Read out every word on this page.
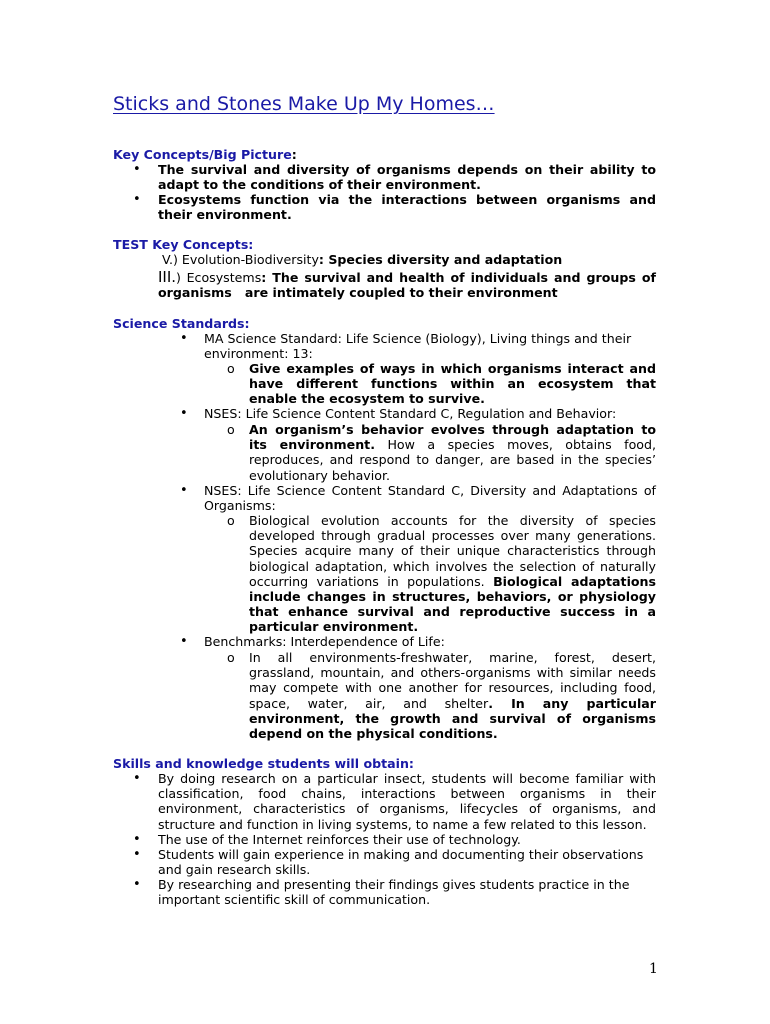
Sticks and Stones Make Up My Homes…
Key Concepts/Big Picture:
• The survival and diversity of organisms depends on their ability to adapt to the conditions of their environment.
• Ecosystems function via the interactions between organisms and their environment.
TEST Key Concepts:
V.) Evolution-Biodiversity: Species diversity and adaptation
III.) Ecosystems: The survival and health of individuals and groups of
organisms   are intimately coupled to their environment
Science Standards:
• MA Science Standard: Life Science (Biology), Living things and their environment: 13:
o Give examples of ways in which organisms interact and have different functions within an ecosystem that enable the ecosystem to survive.
• NSES: Life Science Content Standard C, Regulation and Behavior:
o An organism’s behavior evolves through adaptation to its environment. How a species moves, obtains food, reproduces, and respond to danger, are based in the species’ evolutionary behavior.
• NSES: Life Science Content Standard C, Diversity and Adaptations of Organisms:
o Biological evolution accounts for the diversity of species developed through gradual processes over many generations. Species acquire many of their unique characteristics through biological adaptation, which involves the selection of naturally occurring variations in populations. Biological adaptations include changes in structures, behaviors, or physiology that enhance survival and reproductive success in a particular environment.
• Benchmarks: Interdependence of Life:
o In all environments-freshwater, marine, forest, desert, grassland, mountain, and others-organisms with similar needs may compete with one another for resources, including food, space, water, air, and shelter. In any particular environment, the growth and survival of organisms depend on the physical conditions.
Skills and knowledge students will obtain:
• By doing research on a particular insect, students will become familiar with classification, food chains, interactions between organisms in their environment, characteristics of organisms, lifecycles of organisms, and structure and function in living systems, to name a few related to this lesson.
• The use of the Internet reinforces their use of technology.
• Students will gain experience in making and documenting their observations and gain research skills.
• By researching and presenting their findings gives students practice in the important scientific skill of communication.
1
